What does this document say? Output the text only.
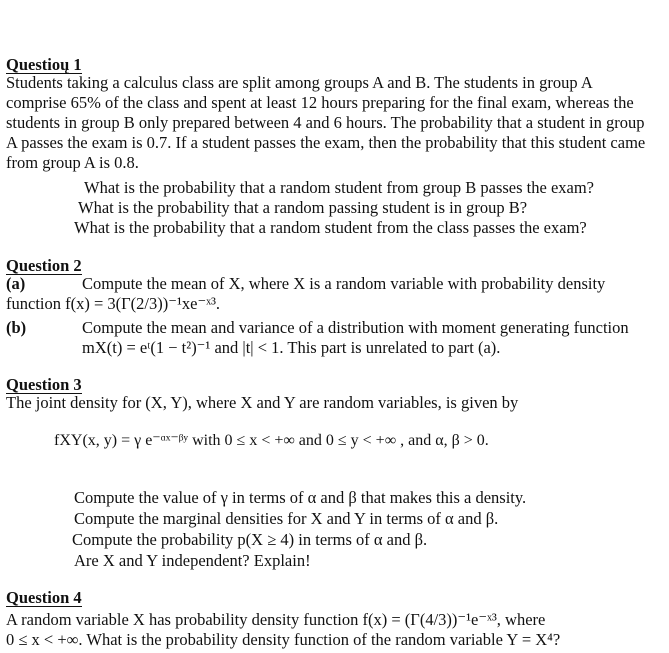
Questioų 1
Students taking a calculus class are split among groups A and B. The students in group A
comprise 65% of the class and spent at least 12 hours preparing for the final exam, whereas the
students in group B only prepared between 4 and 6 hours. The probability that a student in group
A passes the exam is 0.7. If a student passes the exam, then the probability that this student came
from group A is 0.8.
What is the probability that a random student from group B passes the exam?
What is the probability that a random passing student is in group B?
What is the probability that a random student from the class passes the exam?
Question 2
(a)	Compute the mean of X, where X is a random variable with probability density
function f(x) = 3(Γ(2/3))⁻¹xe⁻ˣ³.
(b)	Compute the mean and variance of a distribution with moment generating function
mX(t) = eᵗ(1 − t²)⁻¹ and |t| < 1. This part is unrelated to part (a).
Question 3
The joint density for (X, Y), where X and Y are random variables, is given by
fXY(x, y) = γ e⁻ᵅˣ⁻ᵝʸ with 0 ≤ x < +∞ and 0 ≤ y < +∞ , and α, β > 0.
Compute the value of γ in terms of α and β that makes this a density.
Compute the marginal densities for X and Y in terms of α and β.
Compute the probability p(X ≥ 4) in terms of α and β.
Are X and Y independent? Explain!
Question 4
A random variable X has probability density function f(x) = (Γ(4/3))⁻¹e⁻ˣ³, where
0 ≤ x < +∞. What is the probability density function of the random variable Y = X⁴?
